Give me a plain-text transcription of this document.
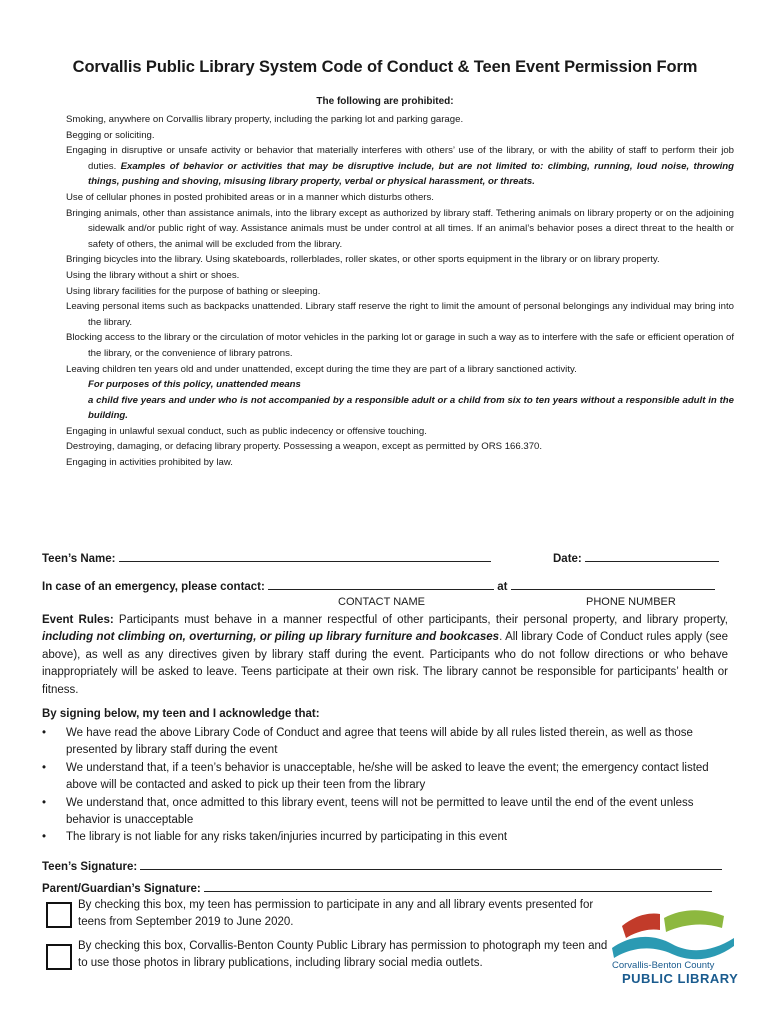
Corvallis Public Library System Code of Conduct & Teen Event Permission Form
The following are prohibited:
Smoking, anywhere on Corvallis library property, including the parking lot and parking garage.
Begging or soliciting.
Engaging in disruptive or unsafe activity or behavior that materially interferes with others’ use of the library, or with the ability of staff to perform their job duties. Examples of behavior or activities that may be disruptive include, but are not limited to: climbing, running, loud noise, throwing things, pushing and shoving, misusing library property, verbal or physical harassment, or threats.
Use of cellular phones in posted prohibited areas or in a manner which disturbs others.
Bringing animals, other than assistance animals, into the library except as authorized by library staff. Tethering animals on library property or on the adjoining sidewalk and/or public right of way. Assistance animals must be under control at all times. If an animal’s behavior poses a direct threat to the health or safety of others, the animal will be excluded from the library.
Bringing bicycles into the library. Using skateboards, rollerblades, roller skates, or other sports equipment in the library or on library property.
Using the library without a shirt or shoes.
Using library facilities for the purpose of bathing or sleeping.
Leaving personal items such as backpacks unattended. Library staff reserve the right to limit the amount of personal belongings any individual may bring into the library.
Blocking access to the library or the circulation of motor vehicles in the parking lot or garage in such a way as to interfere with the safe or efficient operation of the library, or the convenience of library patrons.
Leaving children ten years old and under unattended, except during the time they are part of a library sanctioned activity.
For purposes of this policy, unattended means
a child five years and under who is not accompanied by a responsible adult or a child from six to ten years without a responsible adult in the building.
Engaging in unlawful sexual conduct, such as public indecency or offensive touching.
Destroying, damaging, or defacing library property. Possessing a weapon, except as permitted by ORS 166.370.
Engaging in activities prohibited by law.
Teen’s Name:	Date:
In case of an emergency, please contact:	at
CONTACT NAME	PHONE NUMBER
Event Rules: Participants must behave in a manner respectful of other participants, their personal property, and library property, including not climbing on, overturning, or piling up library furniture and bookcases. All library Code of Conduct rules apply (see above), as well as any directives given by library staff during the event. Participants who do not follow directions or who behave inappropriately will be asked to leave. Teens participate at their own risk. The library cannot be responsible for participants’ health or fitness.
By signing below, my teen and I acknowledge that:
• We have read the above Library Code of Conduct and agree that teens will abide by all rules listed therein, as well as those presented by library staff during the event
• We understand that, if a teen’s behavior is unacceptable, he/she will be asked to leave the event; the emergency contact listed above will be contacted and asked to pick up their teen from the library
• We understand that, once admitted to this library event, teens will not be permitted to leave until the end of the event unless behavior is unacceptable
• The library is not liable for any risks taken/injuries incurred by participating in this event
Teen’s Signature:
Parent/Guardian’s Signature:
By checking this box, my teen has permission to participate in any and all library events presented for teens from September 2019 to June 2020.
By checking this box, Corvallis-Benton County Public Library has permission to photograph my teen and to use those photos in library publications, including library social media outlets.	Corvallis-Benton County
PUBLIC LIBRARY
